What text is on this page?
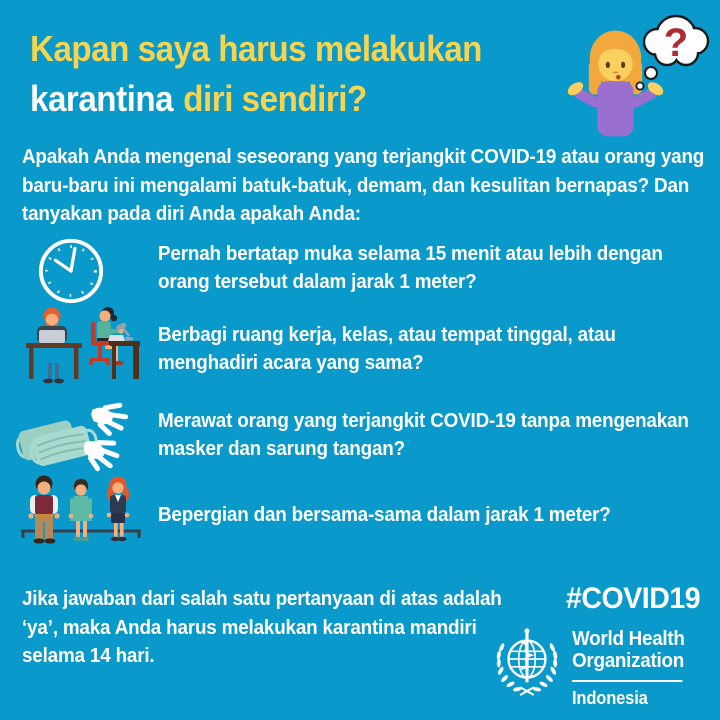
Kapan saya harus melakukan
karantina diri sendiri?
?
Apakah Anda mengenal seseorang yang terjangkit COVID-19 atau orang yang baru-baru ini mengalami batuk-batuk, demam, dan kesulitan bernapas? Dan tanyakan pada diri Anda apakah Anda:
Pernah bertatap muka selama 15 menit atau lebih dengan orang tersebut dalam jarak 1 meter?
Berbagi ruang kerja, kelas, atau tempat tinggal, atau menghadiri acara yang sama?
Merawat orang yang terjangkit COVID-19 tanpa mengenakan masker dan sarung tangan?
Bepergian dan bersama-sama dalam jarak 1 meter?
Jika jawaban dari salah satu pertanyaan di atas adalah ‘ya’, maka Anda harus melakukan karantina mandiri selama 14 hari.
#COVID19
World Health
Organization
Indonesia
